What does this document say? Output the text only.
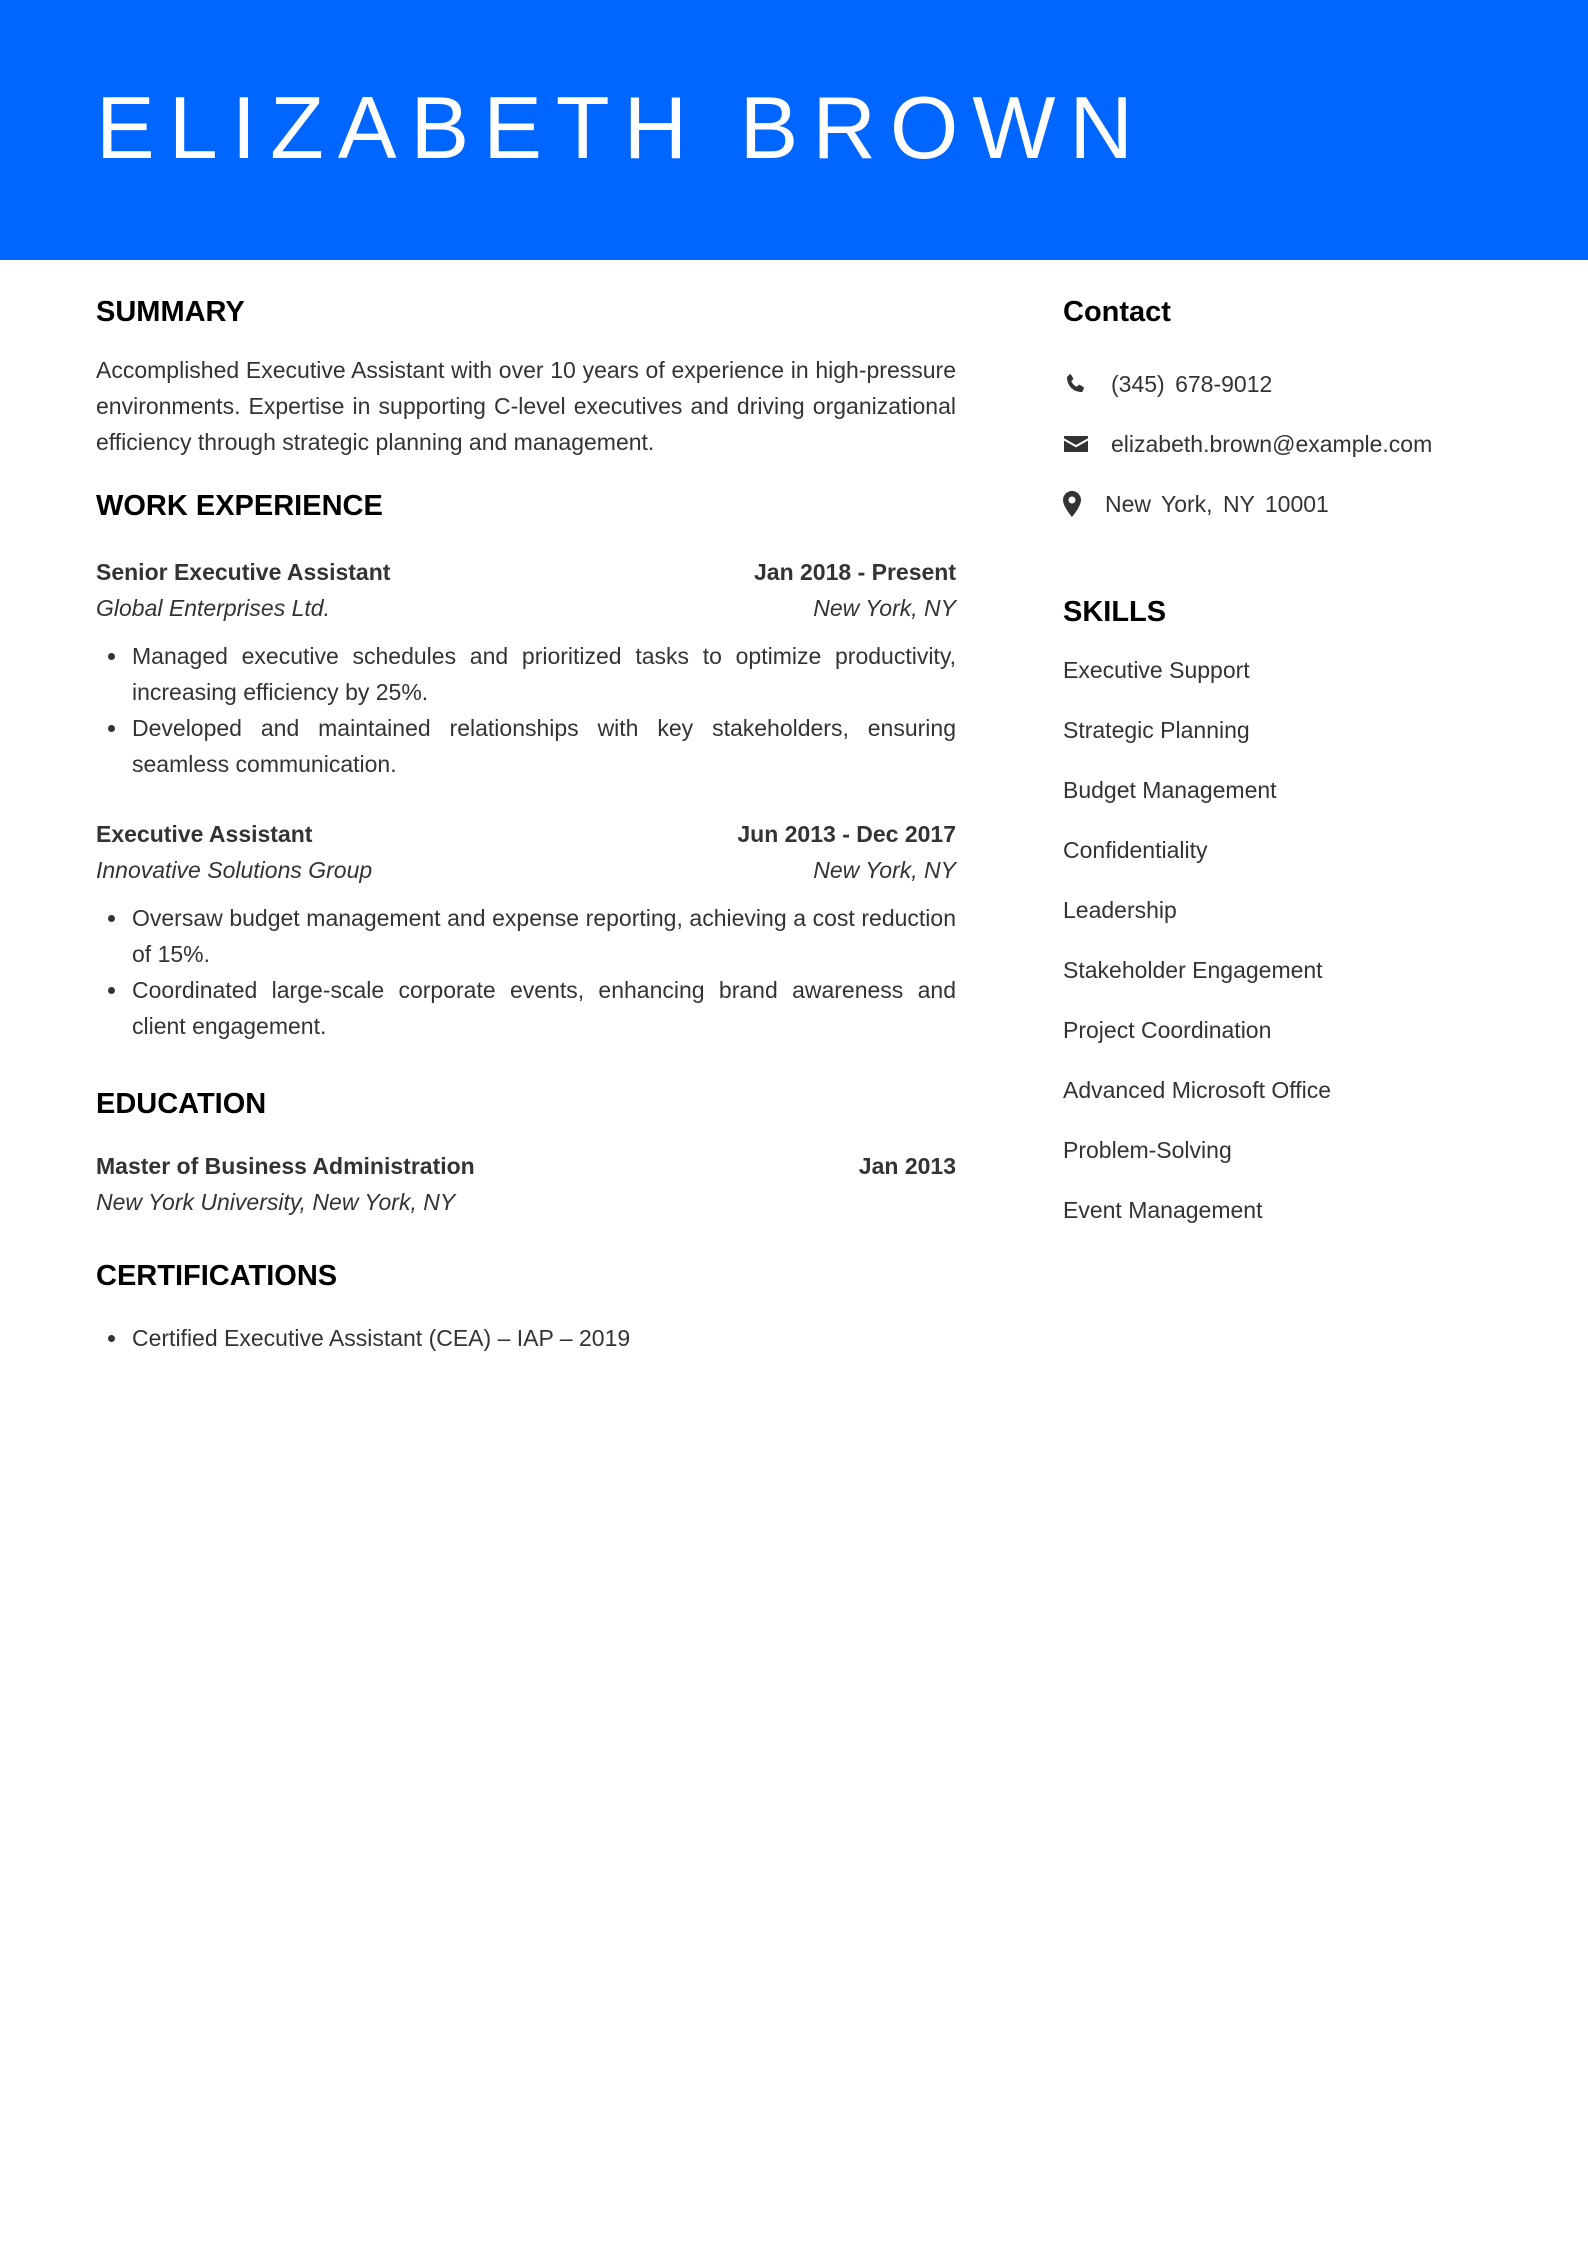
ELIZABETH BROWN
SUMMARY

Accomplished Executive Assistant with over 10 years of experience in high-pressure environments. Expertise in supporting C-level executives and driving organizational efficiency through strategic planning and management.

WORK EXPERIENCE
Senior Executive Assistant	Jan 2018 - Present
Global Enterprises Ltd.	New York, NY
Managed executive schedules and prioritized tasks to optimize productivity, increasing efficiency by 25%.
Developed and maintained relationships with key stakeholders, ensuring seamless communication.
Executive Assistant	Jun 2013 - Dec 2017
Innovative Solutions Group	New York, NY
Oversaw budget management and expense reporting, achieving a cost reduction of 15%.
Coordinated large-scale corporate events, enhancing brand awareness and client engagement.
EDUCATION
Master of Business Administration	Jan 2013
New York University, New York, NY
CERTIFICATIONS
Certified Executive Assistant (CEA) – IAP – 2019
Contact
(345) 678-9012
elizabeth.brown@example.com
New York, NY 10001
SKILLS
Executive Support
Strategic Planning
Budget Management
Confidentiality
Leadership
Stakeholder Engagement
Project Coordination
Advanced Microsoft Office
Problem-Solving
Event Management
